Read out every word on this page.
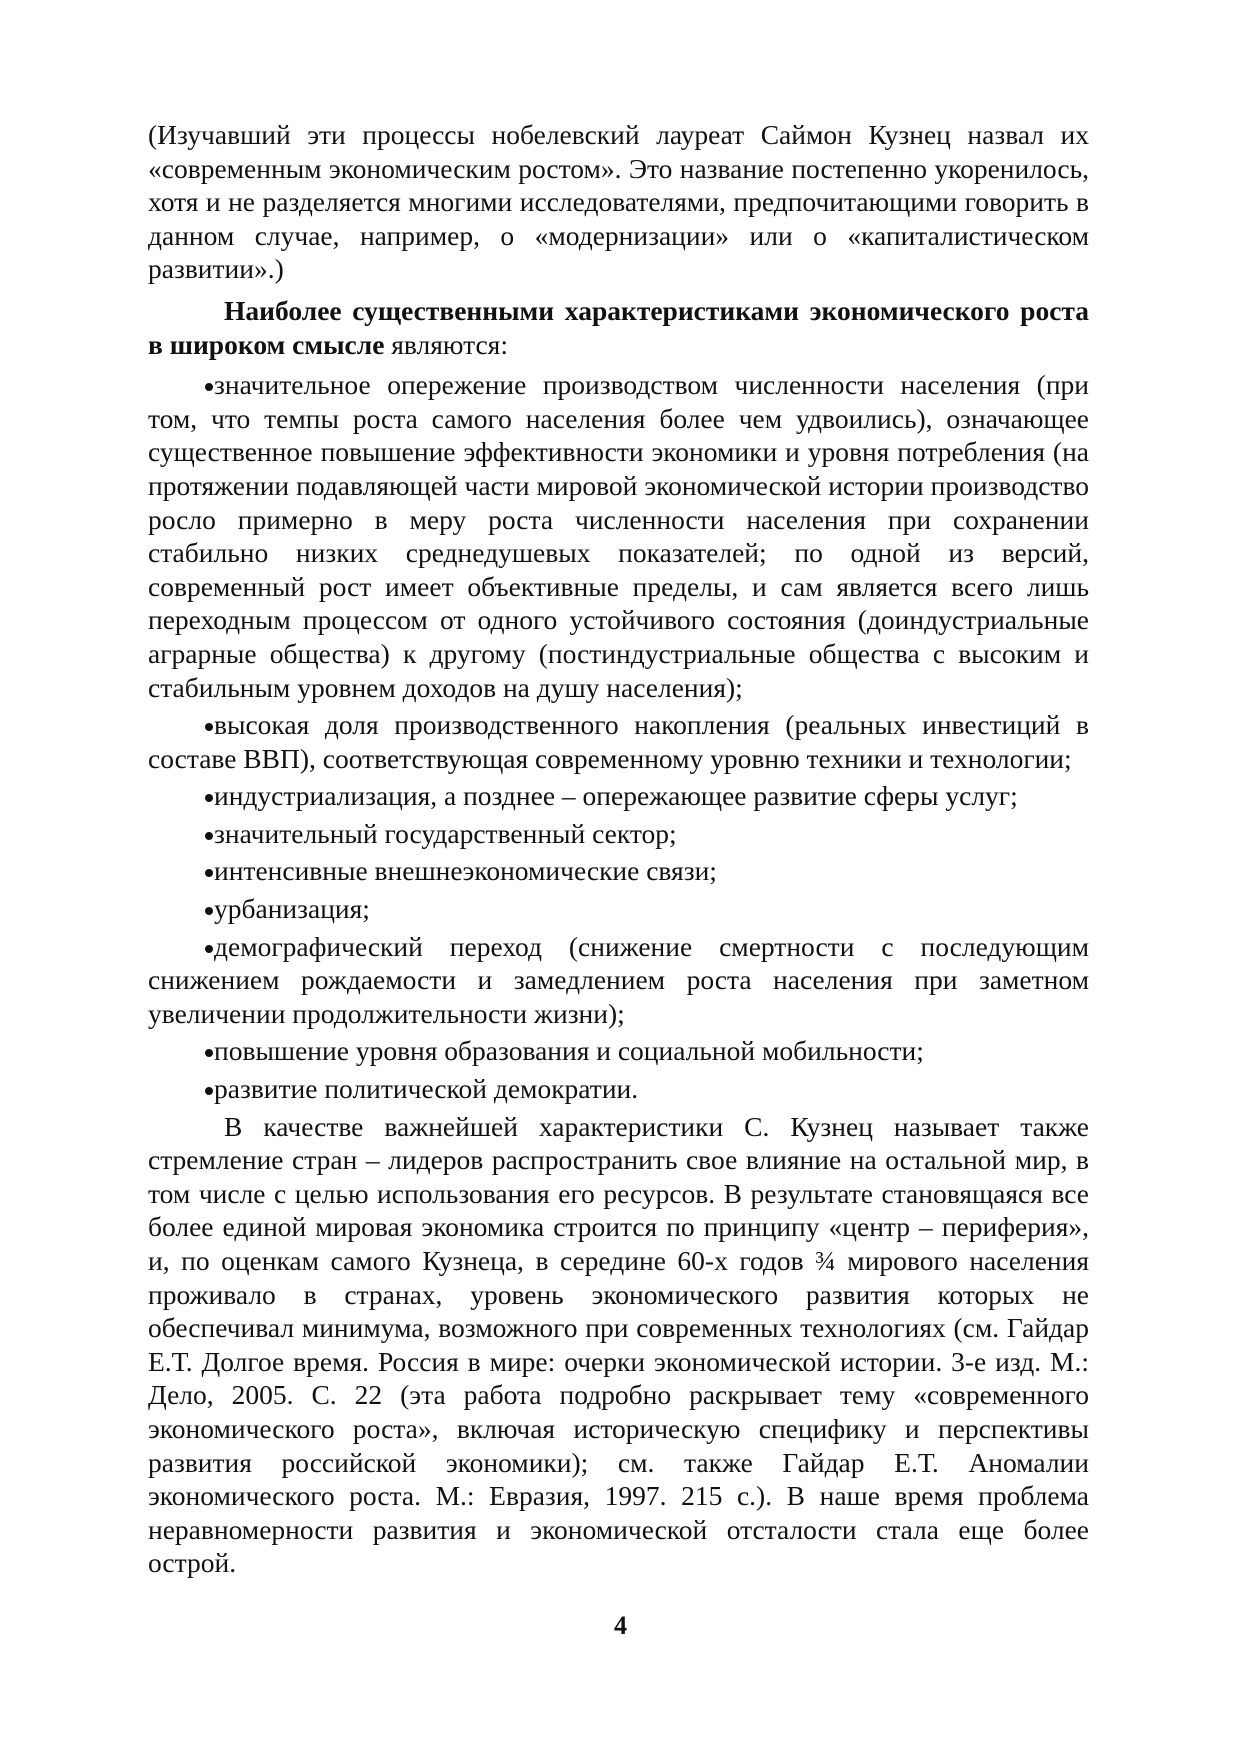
(Изучавший эти процессы нобелевский лауреат Саймон Кузнец назвал их «современным экономическим ростом». Это название постепенно укоренилось, хотя и не разделяется многими исследователями, предпочитающими говорить в данном случае, например, о «модернизации» или о «капиталистическом развитии».)

Наиболее существенными характеристиками экономического роста в широком смысле являются:

значительное опережение производством численности населения (при том, что темпы роста самого населения более чем удвоились), означающее существенное повышение эффективности экономики и уровня потребления (на протяжении подавляющей части мировой экономической истории производство росло примерно в меру роста численности населения при сохранении стабильно низких среднедушевых показателей; по одной из версий, современный рост имеет объективные пределы, и сам является всего лишь переходным процессом от одного устойчивого состояния (доиндустриальные аграрные общества) к другому (постиндустриальные общества с высоким и стабильным уровнем доходов на душу населения);
высокая доля производственного накопления (реальных инвестиций в составе ВВП), соответствующая современному уровню техники и технологии;
индустриализация, а позднее – опережающее развитие сферы услуг;
значительный государственный сектор;
интенсивные внешнеэкономические связи;
урбанизация;
демографический переход (снижение смертности с последующим снижением рождаемости и замедлением роста населения при заметном увеличении продолжительности жизни);
повышение уровня образования и социальной мобильности;
развитие политической демократии.

В качестве важнейшей характеристики С. Кузнец называет также стремление стран – лидеров распространить свое влияние на остальной мир, в том числе с целью использования его ресурсов. В результате становящаяся все более единой мировая экономика строится по принципу «центр – периферия», и, по оценкам самого Кузнеца, в середине 60-х годов ¾ мирового населения проживало в странах, уровень экономического развития которых не обеспечивал минимума, возможного при современных технологиях (см. Гайдар Е.Т. Долгое время. Россия в мире: очерки экономической истории. 3-е изд. М.: Дело, 2005. С. 22 (эта работа подробно раскрывает тему «современного экономического роста», включая историческую специфику и перспективы развития российской экономики); см. также Гайдар Е.Т. Аномалии экономического роста. М.: Евразия, 1997. 215 с.). В наше время проблема неравномерности развития и экономической отсталости стала еще более острой.

4
